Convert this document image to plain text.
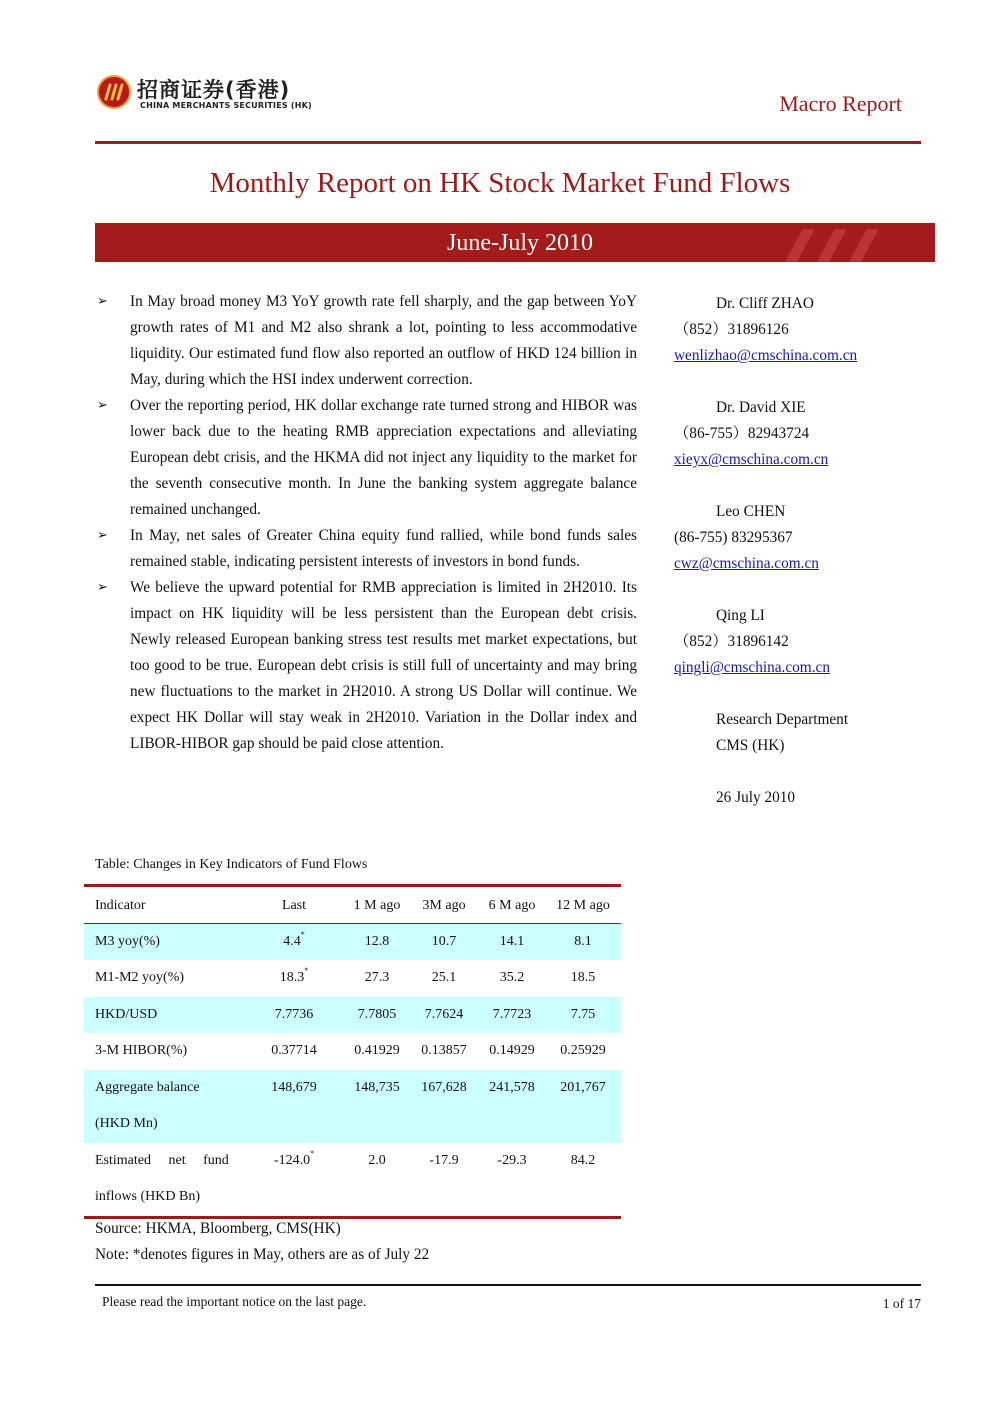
招商证券(香港)
CHINA MERCHANTS SECURITIES (HK)	Macro Report
Monthly Report on HK Stock Market Fund Flows
June-July 2010
➢ In May broad money M3 YoY growth rate fell sharply, and the gap between YoY growth rates of M1 and M2 also shrank a lot, pointing to less accommodative liquidity. Our estimated fund flow also reported an outflow of HKD 124 billion in May, during which the HSI index underwent correction.
➢ Over the reporting period, HK dollar exchange rate turned strong and HIBOR was lower back due to the heating RMB appreciation expectations and alleviating European debt crisis, and the HKMA did not inject any liquidity to the market for the seventh consecutive month. In June the banking system aggregate balance remained unchanged.
➢ In May, net sales of Greater China equity fund rallied, while bond funds sales remained stable, indicating persistent interests of investors in bond funds.
➢ We believe the upward potential for RMB appreciation is limited in 2H2010. Its impact on HK liquidity will be less persistent than the European debt crisis. Newly released European banking stress test results met market expectations, but too good to be true. European debt crisis is still full of uncertainty and may bring new fluctuations to the market in 2H2010. A strong US Dollar will continue. We expect HK Dollar will stay weak in 2H2010. Variation in the Dollar index and LIBOR-HIBOR gap should be paid close attention.
Dr. Cliff ZHAO
（852）31896126
wenlizhao@cmschina.com.cn
Dr. David XIE
（86-755）82943724
xieyx@cmschina.com.cn
Leo CHEN
(86-755) 83295367
cwz@cmschina.com.cn
Qing LI
（852）31896142
qingli@cmschina.com.cn
Research Department
CMS (HK)
26 July 2010
Table: Changes in Key Indicators of Fund Flows
Indicator	Last	1 M ago	3M ago	6 M ago	12 M ago
M3 yoy(%)	4.4*	12.8	10.7	14.1	8.1
M1-M2 yoy(%)	18.3*	27.3	25.1	35.2	18.5
HKD/USD	7.7736	7.7805	7.7624	7.7723	7.75
3-M HIBOR(%)	0.37714	0.41929	0.13857	0.14929	0.25929
Aggregate balance
(HKD Mn)
148,679	148,735	167,628	241,578	201,767
Estimated     net     fund
inflows (HKD Bn)
-124.0*	2.0	-17.9	-29.3	84.2
Source: HKMA, Bloomberg, CMS(HK)
Note: *denotes figures in May, others are as of July 22
Please read the important notice on the last page.	1 of 17
